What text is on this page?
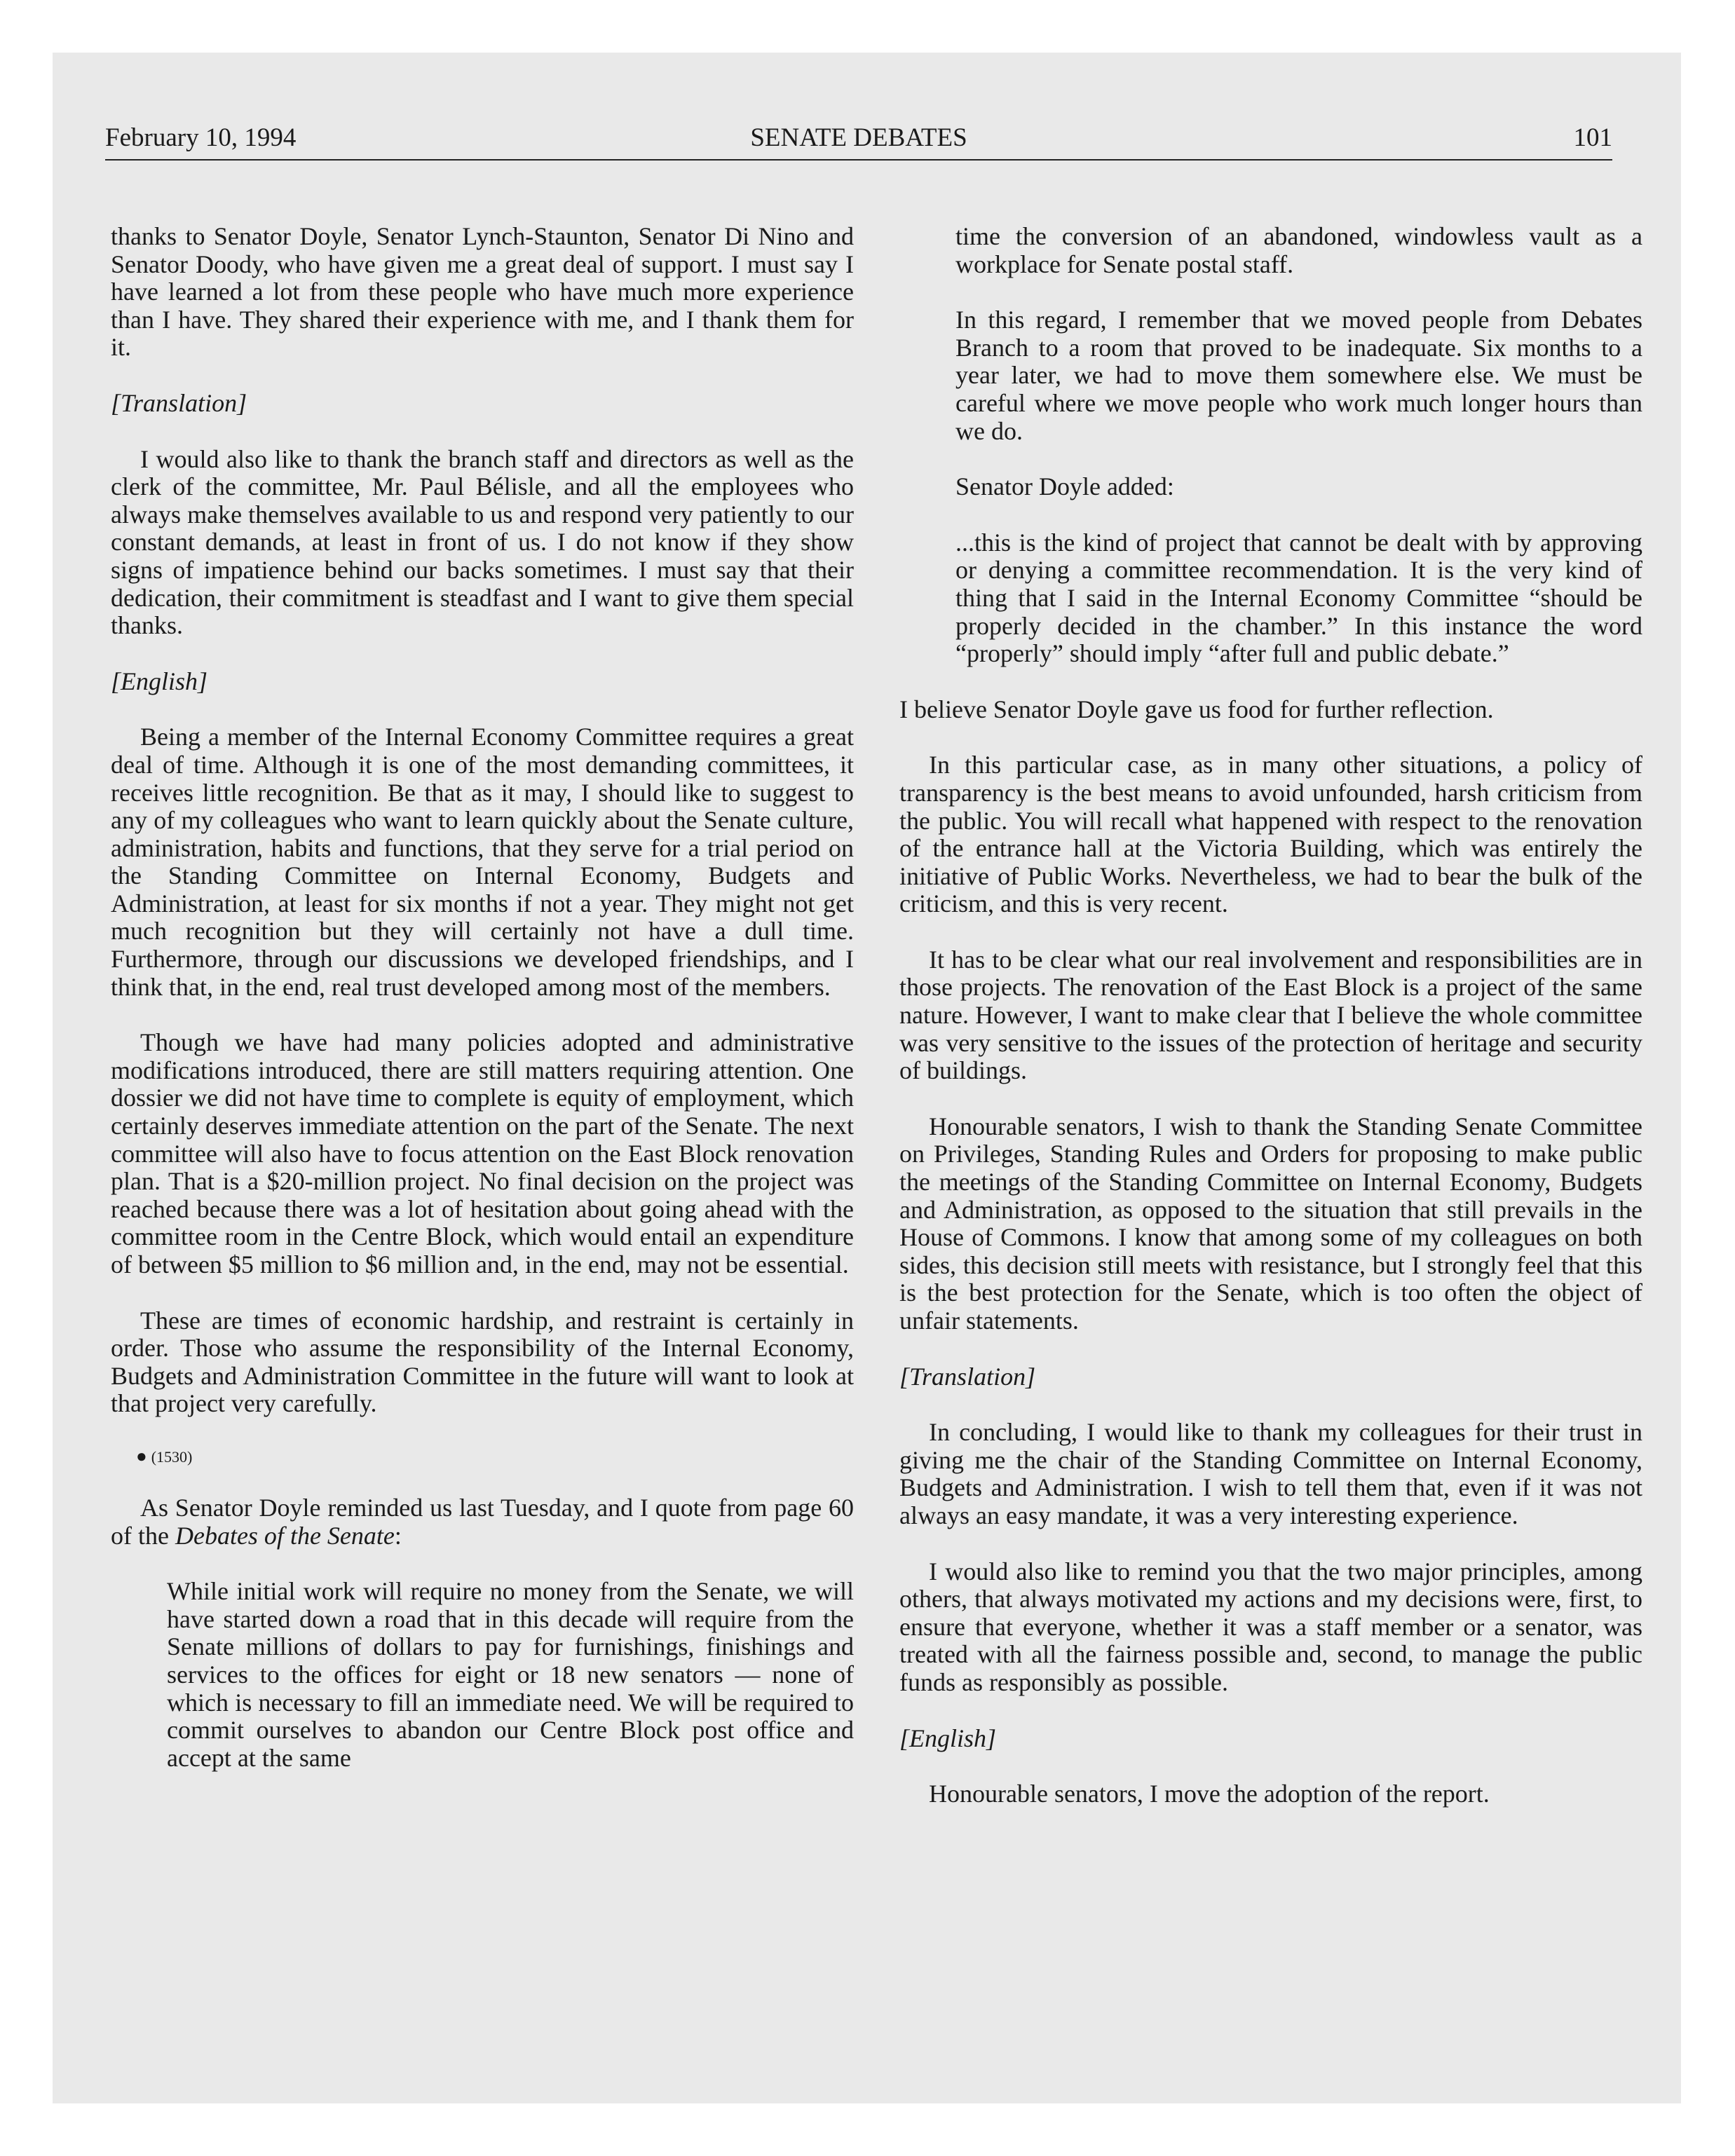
February 10, 1994	SENATE DEBATES	101

thanks to Senator Doyle, Senator Lynch-Staunton, Senator Di Nino and Senator Doody, who have given me a great deal of support. I must say I have learned a lot from these people who have much more experience than I have. They shared their experience with me, and I thank them for it.

[Translation]

I would also like to thank the branch staff and directors as well as the clerk of the committee, Mr. Paul Bélisle, and all the employees who always make themselves available to us and respond very patiently to our constant demands, at least in front of us. I do not know if they show signs of impatience behind our backs sometimes. I must say that their dedication, their commitment is steadfast and I want to give them special thanks.

[English]

Being a member of the Internal Economy Committee requires a great deal of time. Although it is one of the most demanding committees, it receives little recognition. Be that as it may, I should like to suggest to any of my colleagues who want to learn quickly about the Senate culture, administration, habits and functions, that they serve for a trial period on the Standing Committee on Internal Economy, Budgets and Administration, at least for six months if not a year. They might not get much recognition but they will certainly not have a dull time. Furthermore, through our discussions we developed friendships, and I think that, in the end, real trust developed among most of the members.

Though we have had many policies adopted and administrative modifications introduced, there are still matters requiring attention. One dossier we did not have time to complete is equity of employment, which certainly deserves immediate attention on the part of the Senate. The next committee will also have to focus attention on the East Block renovation plan. That is a $20-million project. No final decision on the project was reached because there was a lot of hesitation about going ahead with the committee room in the Centre Block, which would entail an expenditure of between $5 million to $6 million and, in the end, may not be essential.

These are times of economic hardship, and restraint is certainly in order. Those who assume the responsibility of the Internal Economy, Budgets and Administration Committee in the future will want to look at that project very carefully.

● (1530)

As Senator Doyle reminded us last Tuesday, and I quote from page 60 of the Debates of the Senate:

While initial work will require no money from the Senate, we will have started down a road that in this decade will require from the Senate millions of dollars to pay for furnishings, finishings and services to the offices for eight or 18 new senators — none of which is necessary to fill an immediate need. We will be required to commit ourselves to abandon our Centre Block post office and accept at the same

time the conversion of an abandoned, windowless vault as a workplace for Senate postal staff.

In this regard, I remember that we moved people from Debates Branch to a room that proved to be inadequate. Six months to a year later, we had to move them somewhere else. We must be careful where we move people who work much longer hours than we do.

Senator Doyle added:

...this is the kind of project that cannot be dealt with by approving or denying a committee recommendation. It is the very kind of thing that I said in the Internal Economy Committee “should be properly decided in the chamber.” In this instance the word “properly” should imply “after full and public debate.”

I believe Senator Doyle gave us food for further reflection.

In this particular case, as in many other situations, a policy of transparency is the best means to avoid unfounded, harsh criticism from the public. You will recall what happened with respect to the renovation of the entrance hall at the Victoria Building, which was entirely the initiative of Public Works. Nevertheless, we had to bear the bulk of the criticism, and this is very recent.

It has to be clear what our real involvement and responsibilities are in those projects. The renovation of the East Block is a project of the same nature. However, I want to make clear that I believe the whole committee was very sensitive to the issues of the protection of heritage and security of buildings.

Honourable senators, I wish to thank the Standing Senate Committee on Privileges, Standing Rules and Orders for proposing to make public the meetings of the Standing Committee on Internal Economy, Budgets and Administration, as opposed to the situation that still prevails in the House of Commons. I know that among some of my colleagues on both sides, this decision still meets with resistance, but I strongly feel that this is the best protection for the Senate, which is too often the object of unfair statements.

[Translation]

In concluding, I would like to thank my colleagues for their trust in giving me the chair of the Standing Committee on Internal Economy, Budgets and Administration. I wish to tell them that, even if it was not always an easy mandate, it was a very interesting experience.

I would also like to remind you that the two major principles, among others, that always motivated my actions and my decisions were, first, to ensure that everyone, whether it was a staff member or a senator, was treated with all the fairness possible and, second, to manage the public funds as responsibly as possible.

[English]

Honourable senators, I move the adoption of the report.
